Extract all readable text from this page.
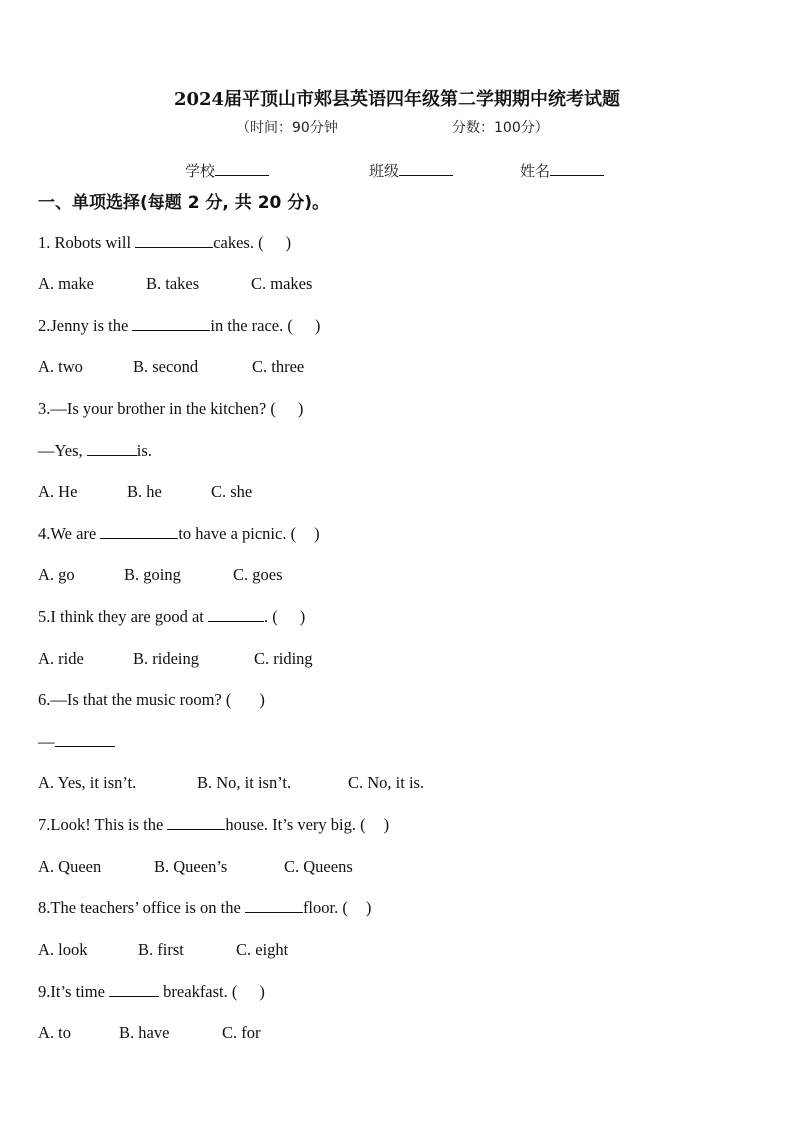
2024届平顶山市郏县英语四年级第二学期期中统考试题
（时间：90分钟	分数：100分）
学校	班级	姓名
一、单项选择(每题 2 分, 共 20 分)。
1. Robots will	cakes. ( )
A. make	B. takes	C. makes
2.Jenny is the	in the race. ( )
A. two	B. second	C. three
3.—Is your brother in the kitchen? ( )
—Yes,	is.
A. He	B. he	C. she
4.We are	to have a picnic. ( )
A. go	B. going	C. goes
5.I think they are good at	. ( )
A. ride	B. rideing	C. riding
6.—Is that the music room? ( )
—
A. Yes, it isn’t.	B. No, it isn’t.	C. No, it is.
7.Look! This is the	house. It’s very big. ( )
A. Queen	B. Queen’s	C. Queens
8.The teachers’ office is on the	floor. ( )
A. look	B. first	C. eight
9.It’s time	breakfast. ( )
A. to	B. have	C. for
